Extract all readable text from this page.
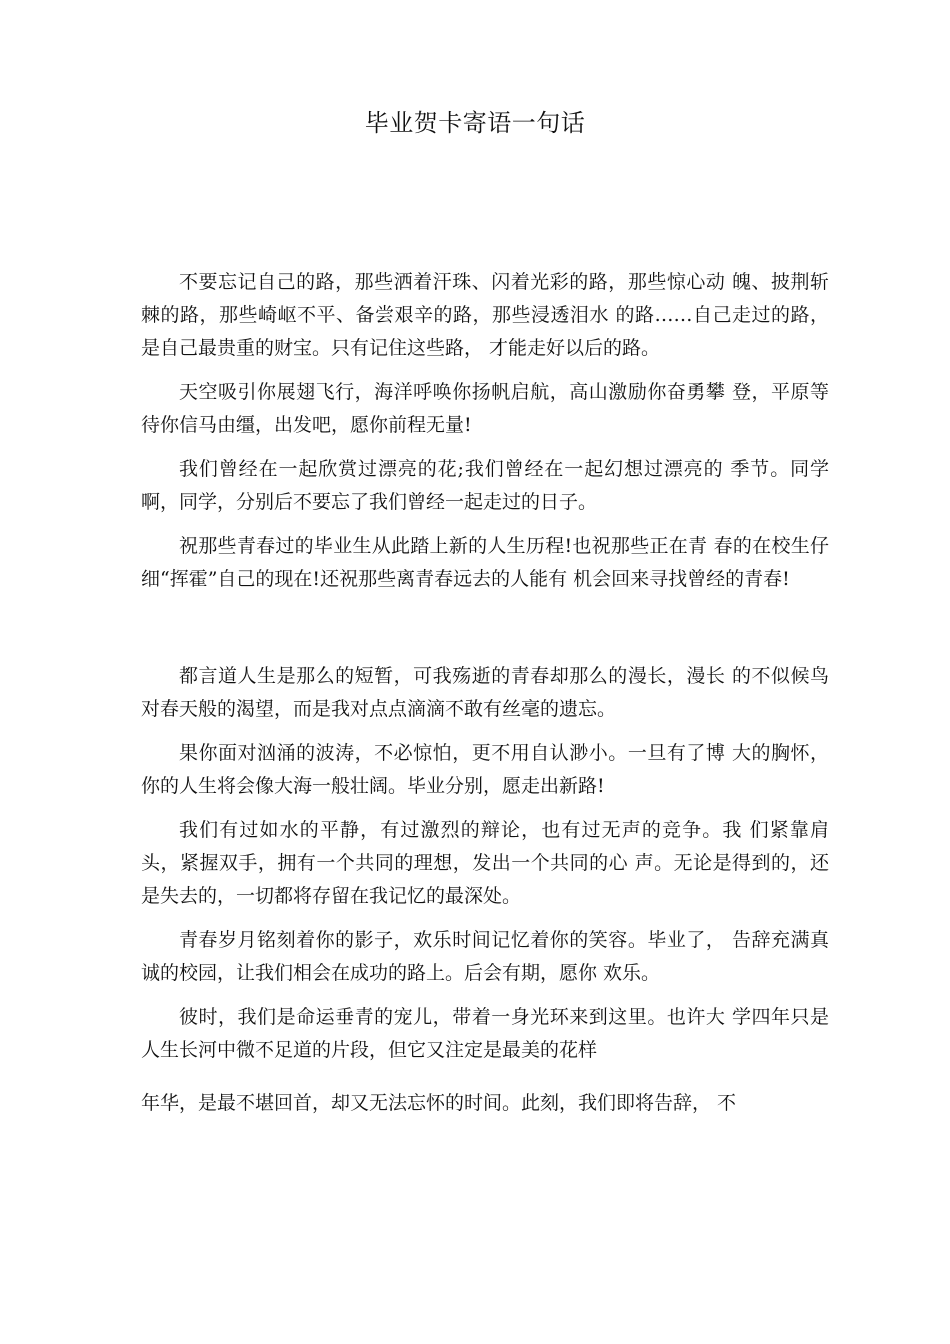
毕业贺卡寄语一句话

不要忘记自己的路，那些洒着汗珠、闪着光彩的路，那些惊心动 魄、披荆斩棘的路，那些崎岖不平、备尝艰辛的路，那些浸透泪水 的路……自己走过的路，是自己最贵重的财宝。只有记住这些路， 才能走好以后的路。

天空吸引你展翅飞行，海洋呼唤你扬帆启航，高山激励你奋勇攀 登，平原等待你信马由缰，出发吧，愿你前程无量!

我们曾经在一起欣赏过漂亮的花;我们曾经在一起幻想过漂亮的 季节。同学啊，同学，分别后不要忘了我们曾经一起走过的日子。

祝那些青春过的毕业生从此踏上新的人生历程!也祝那些正在青 春的在校生仔细“挥霍”自己的现在!还祝那些离青春远去的人能有 机会回来寻找曾经的青春!

都言道人生是那么的短暂，可我殇逝的青春却那么的漫长，漫长 的不似候鸟对春天般的渴望，而是我对点点滴滴不敢有丝毫的遗忘。

果你面对汹涌的波涛，不必惊怕，更不用自认渺小。一旦有了博 大的胸怀，你的人生将会像大海一般壮阔。毕业分别，愿走出新路!

我们有过如水的平静，有过激烈的辩论，也有过无声的竞争。我 们紧靠肩头，紧握双手，拥有一个共同的理想，发出一个共同的心 声。无论是得到的，还是失去的，一切都将存留在我记忆的最深处。

青春岁月铭刻着你的影子，欢乐时间记忆着你的笑容。毕业了， 告辞充满真诚的校园，让我们相会在成功的路上。后会有期，愿你 欢乐。

彼时，我们是命运垂青的宠儿，带着一身光环来到这里。也许大 学四年只是人生长河中微不足道的片段，但它又注定是最美的花样

年华，是最不堪回首，却又无法忘怀的时间。此刻，我们即将告辞， 不
